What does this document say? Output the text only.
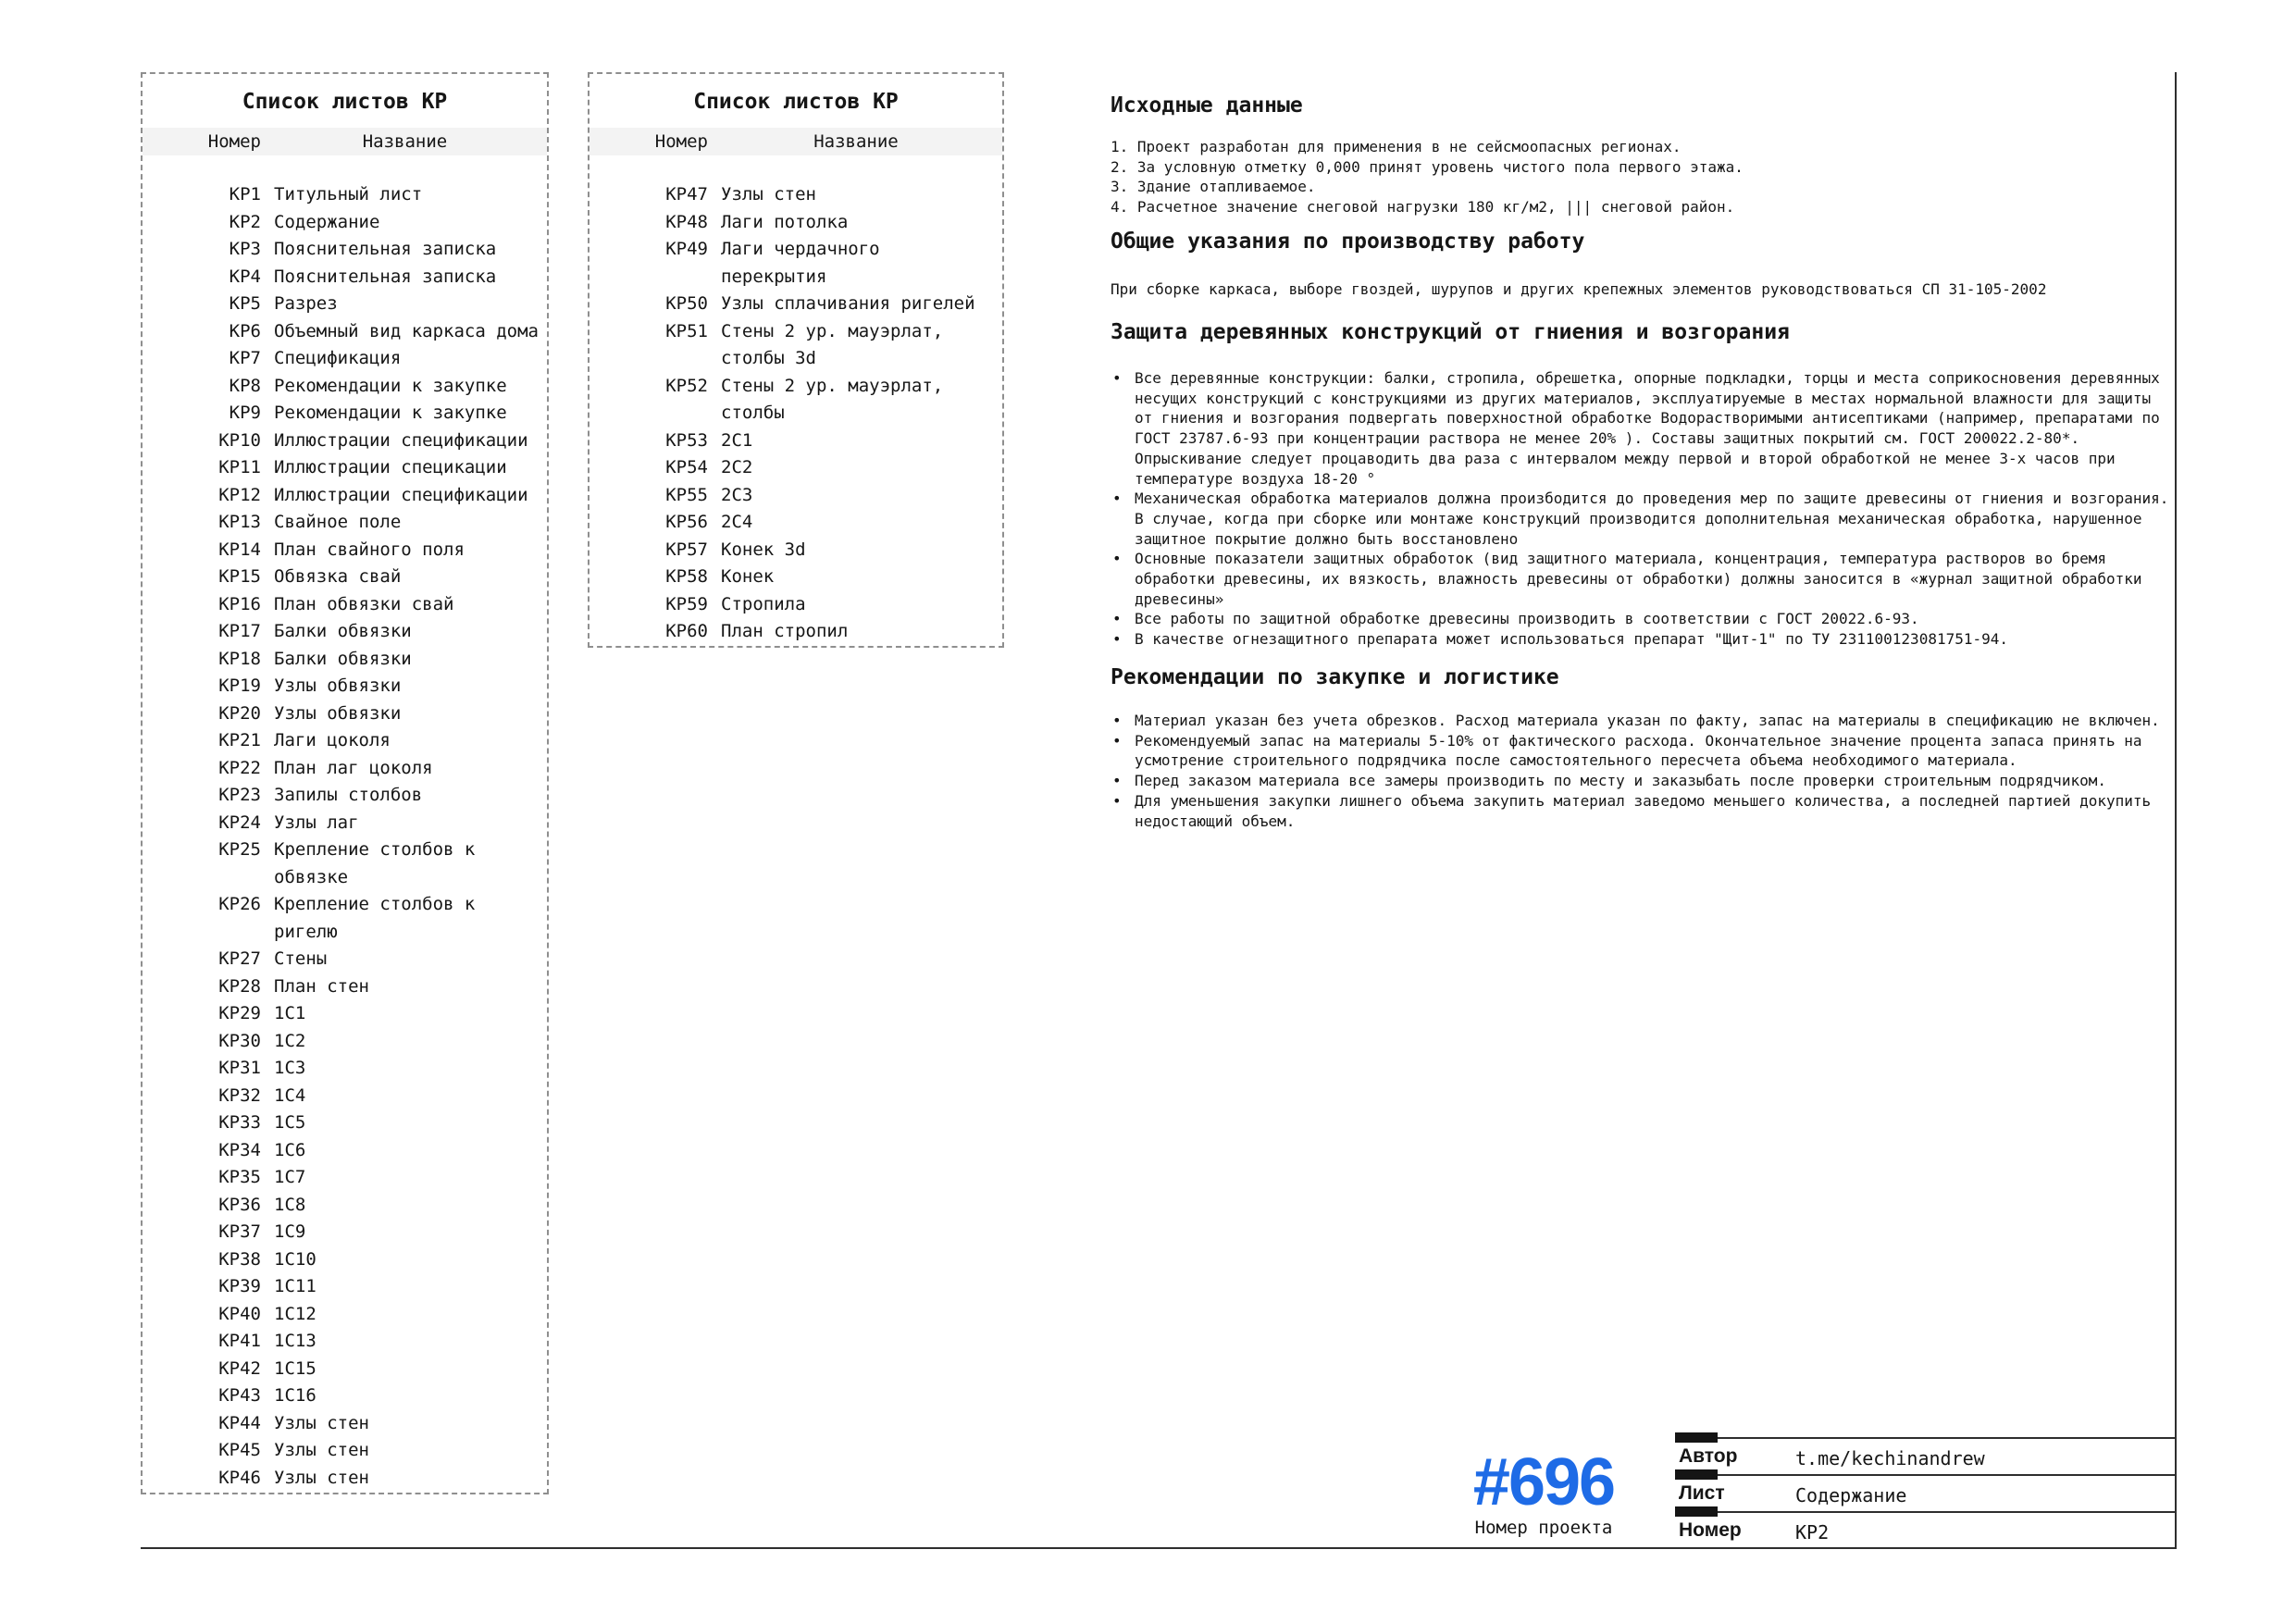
Список листов КР
Номер	Название
КР1 Титульный лист
КР2 Содержание
КР3 Пояснительная записка
КР4 Пояснительная записка
КР5 Разрез
КР6 Объемный вид каркаса дома
КР7 Спецификация
КР8 Рекомендации к закупке
КР9 Рекомендации к закупке
КР10 Иллюстрации спецификации
КР11 Иллюстрации специкации
КР12 Иллюстрации спецификации
КР13 Свайное поле
КР14 План свайного поля
КР15 Обвязка свай
КР16 План обвязки свай
КР17 Балки обвязки
КР18 Балки обвязки
КР19 Узлы обвязки
КР20 Узлы обвязки
КР21 Лаги цоколя
КР22 План лаг цоколя
КР23 Запилы столбов
КР24 Узлы лаг
КР25 Крепление столбов к обвязке
КР26 Крепление столбов к ригелю
КР27 Стены
КР28 План стен
КР29 1С1
КР30 1С2
КР31 1С3
КР32 1С4
КР33 1С5
КР34 1С6
КР35 1С7
КР36 1С8
КР37 1С9
КР38 1С10
КР39 1С11
КР40 1С12
КР41 1С13
КР42 1С15
КР43 1С16
КР44 Узлы стен
КР45 Узлы стен
КР46 Узлы стен
Список листов КР
Номер	Название
КР47 Узлы стен
КР48 Лаги потолка
КР49 Лаги чердачного перекрытия
КР50 Узлы сплачивания ригелей
КР51 Стены 2 ур. мауэрлат, столбы 3d
КР52 Стены 2 ур. мауэрлат, столбы
КР53 2С1
КР54 2С2
КР55 2С3
КР56 2С4
КР57 Конек 3d
КР58 Конек
КР59 Стропила
КР60 План стропил
#696
Номер проекта
Автор	t.me/kechinandrew
Лист	Содержание
Номер	КР2
Исходные данные
Проект разработан для применения в не сейсмоопасных регионах.
За условную отметку 0,000 принят уровень чистого пола первого этажа.
Здание отапливаемое.
Расчетное значение снеговой нагрузки 180 кг/м2, ||| снеговой район.
Общие указания по производству работу

При сборке каркаса, выборе гвоздей, шурупов и других крепежных элементов руководствоваться СП 31-105-2002

Защита деревянных конструкций от гниения и возгорания
• Все деревянные конструкции: балки, стропила, обрешетка, опорные подкладки, торцы и места соприкосновения деревянных несущих конструкций с конструкциями из других материалов, эксплуатируемые в местах нормальной влажности для защиты от гниения и возгорания подвергать поверхностной обработке Водорастворимыми антисептиками (например, препаратами по ГОСТ 23787.6-93 при концентрации раствора не менее 20% ). Составы защитных покрытий см. ГОСТ 200022.2-80*. Опрыскивание следует процаводить два раза с интервалом между первой и второй обработкой не менее 3-х часов при температуре воздуха 18-20 °
• Механическая обработка материалов должна произбодится до проведения мер по защите древесины от гниения и возгорания. В случае, когда при сборке или монтаже конструкций производится дополнительная механическая обработка, нарушенное защитное покрытие должно быть восстановлено
• Основные показатели защитных обработок (вид защитного материала, концентрация, температура растворов во бремя обработки древесины, их вязкость, влажность древесины от обработки) должны заносится в «журнал защитной обработки древесины»
• Все работы по защитной обработке древесины производить в соответствии с ГОСТ 20022.6-93.
• В качестве огнезащитного препарата может использоваться препарат "Щит-1" по ТУ 231100123081751-94.
Рекомендации по закупке и логистике
• Материал указан без учета обрезков. Расход материала указан по факту, запас на материалы в спецификацию не включен.
• Рекомендуемый запас на материалы 5-10% от фактического расхода. Окончательное значение процента запаса принять на усмотрение строительного подрядчика после самостоятельного пересчета объема необходимого материала.
• Перед заказом материала все замеры производить по месту и заказыбать после проверки строительным подрядчиком.
• Для уменьшения закупки лишнего объема закупить материал заведомо меньшего количества, а последней партией докупить недостающий объем.
